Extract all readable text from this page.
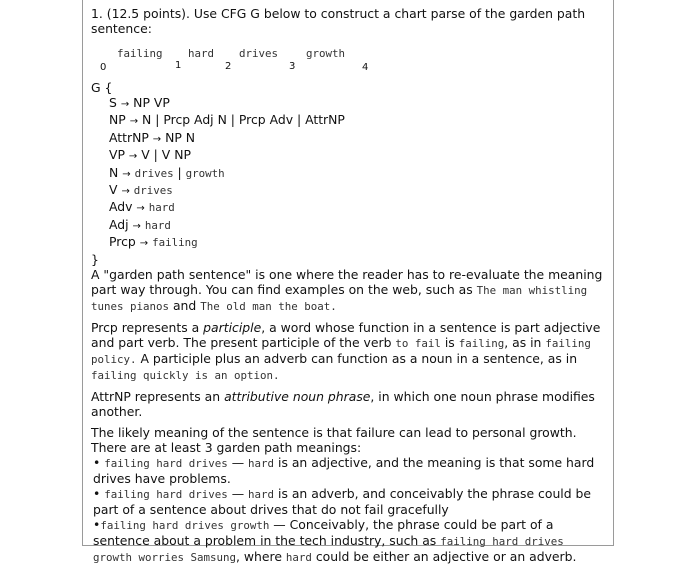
1. (12.5 points). Use CFG G below to construct a chart parse of the garden path

sentence:

failing hard drives	growth
0	1	2	3	4
G {
S → NP VP
NP → N | Prcp Adj N | Prcp Adv | AttrNP
AttrNP → NP N
VP → V | V NP
N → drives | growth
V → drives
Adv → hard
Adj → hard
Prcp → failing
}

A "garden path sentence" is one where the reader has to re-evaluate the meaning part way through. You can find examples on the web, such as The man whistling tunes pianos and The old man the boat.

Prcp represents a participle, a word whose function in a sentence is part adjective and part verb. The present participle of the verb to fail is failing, as in failing policy. A participle plus an adverb can function as a noun in a sentence, as in failing quickly is an option.

AttrNP represents an attributive noun phrase, in which one noun phrase modifies another.

The likely meaning of the sentence is that failure can lead to personal growth. There are at least 3 garden path meanings:

• failing hard drives — hard is an adjective, and the meaning is that some hard drives have problems.

• failing hard drives — hard is an adverb, and conceivably the phrase could be part of a sentence about drives that do not fail gracefully

•failing hard drives growth — Conceivably, the phrase could be part of a sentence about a problem in the tech industry, such as failing hard drives growth worries Samsung, where hard could be either an adjective or an adverb.
